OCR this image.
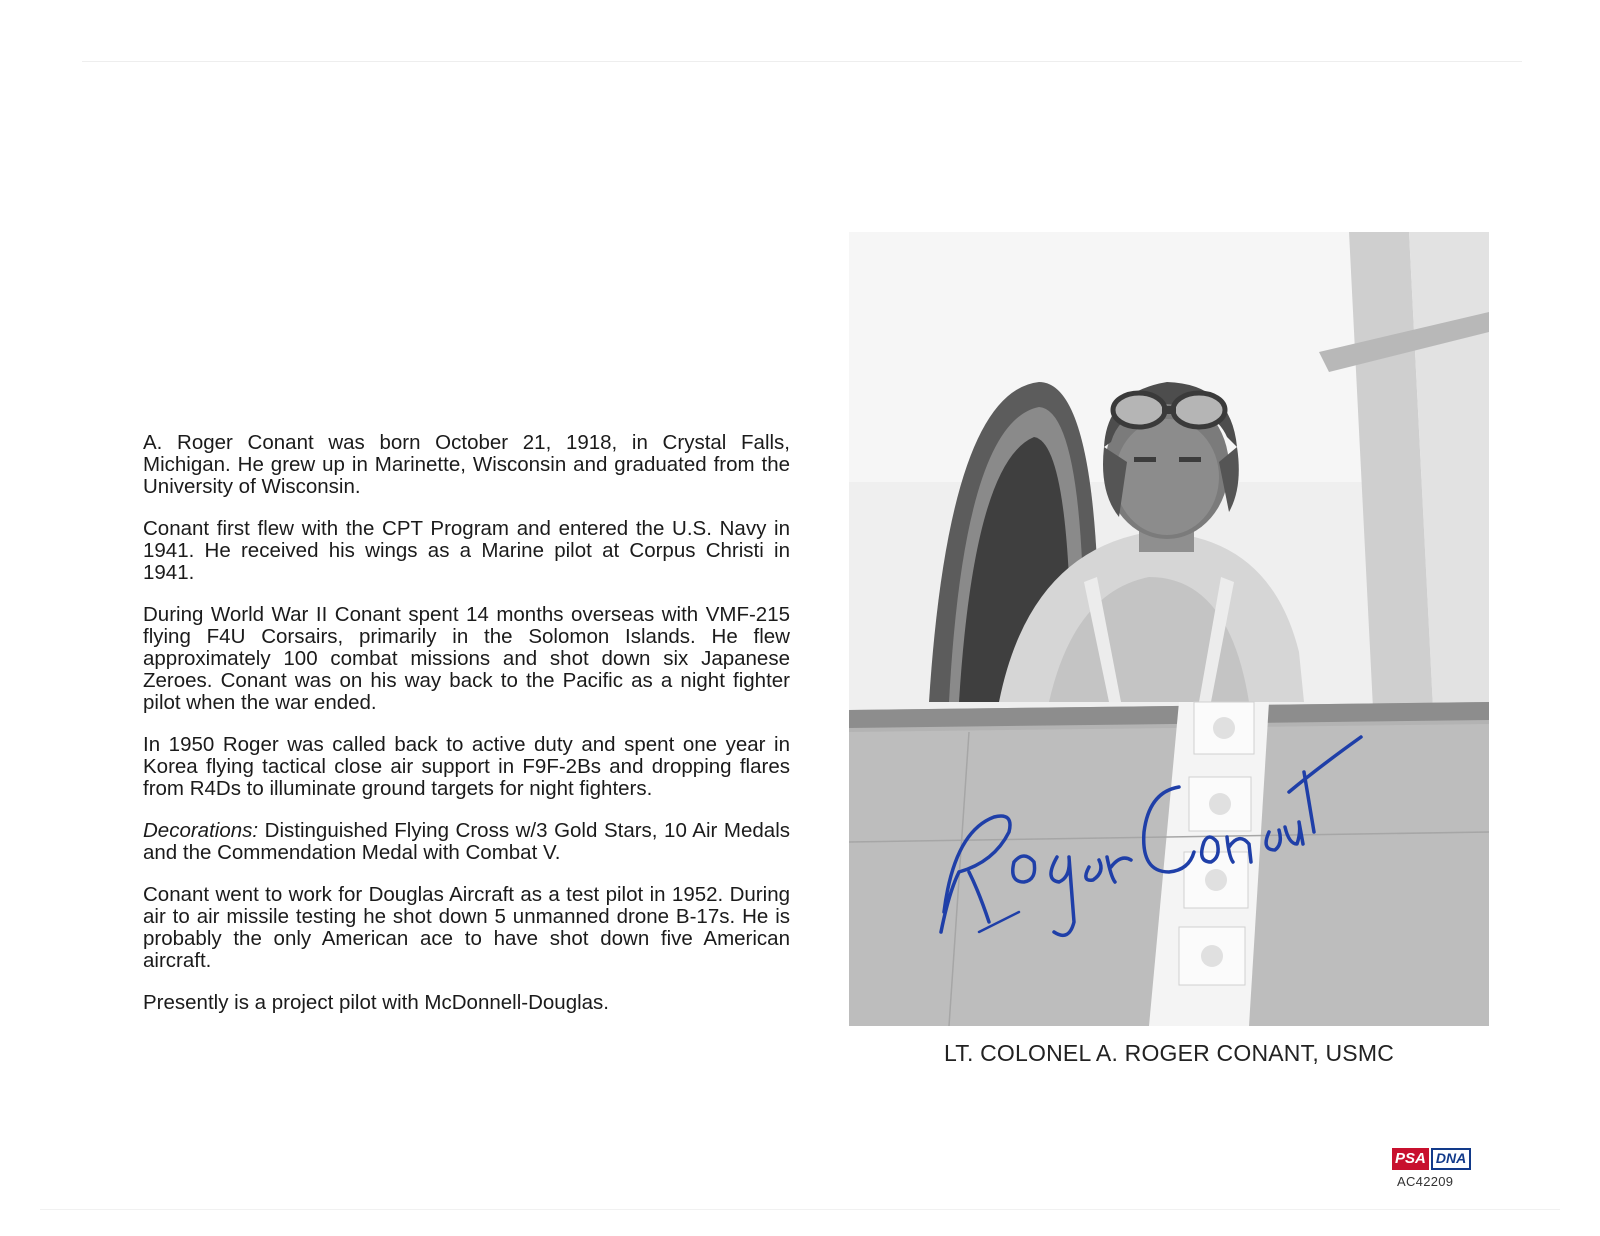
A. Roger Conant was born October 21, 1918, in Crystal Falls, Michigan. He grew up in Marinette, Wisconsin and graduated from the University of Wisconsin.

Conant first flew with the CPT Program and entered the U.S. Navy in 1941. He received his wings as a Marine pilot at Corpus Christi in 1941.

During World War II Conant spent 14 months overseas with VMF-215 flying F4U Corsairs, primarily in the Solomon Islands. He flew approximately 100 combat missions and shot down six Japanese Zeroes. Conant was on his way back to the Pacific as a night fighter pilot when the war ended.

In 1950 Roger was called back to active duty and spent one year in Korea flying tactical close air support in F9F-2Bs and dropping flares from R4Ds to illuminate ground targets for night fighters.

Decorations: Distinguished Flying Cross w/3 Gold Stars, 10 Air Medals and the Commendation Medal with Combat V.

Conant went to work for Douglas Aircraft as a test pilot in 1952. During air to air missile testing he shot down 5 unmanned drone B-17s. He is probably the only American ace to have shot down five American aircraft.

Presently is a project pilot with McDonnell-Douglas.

LT. COLONEL A. ROGER CONANT, USMC
PSA DNA
AC42209
